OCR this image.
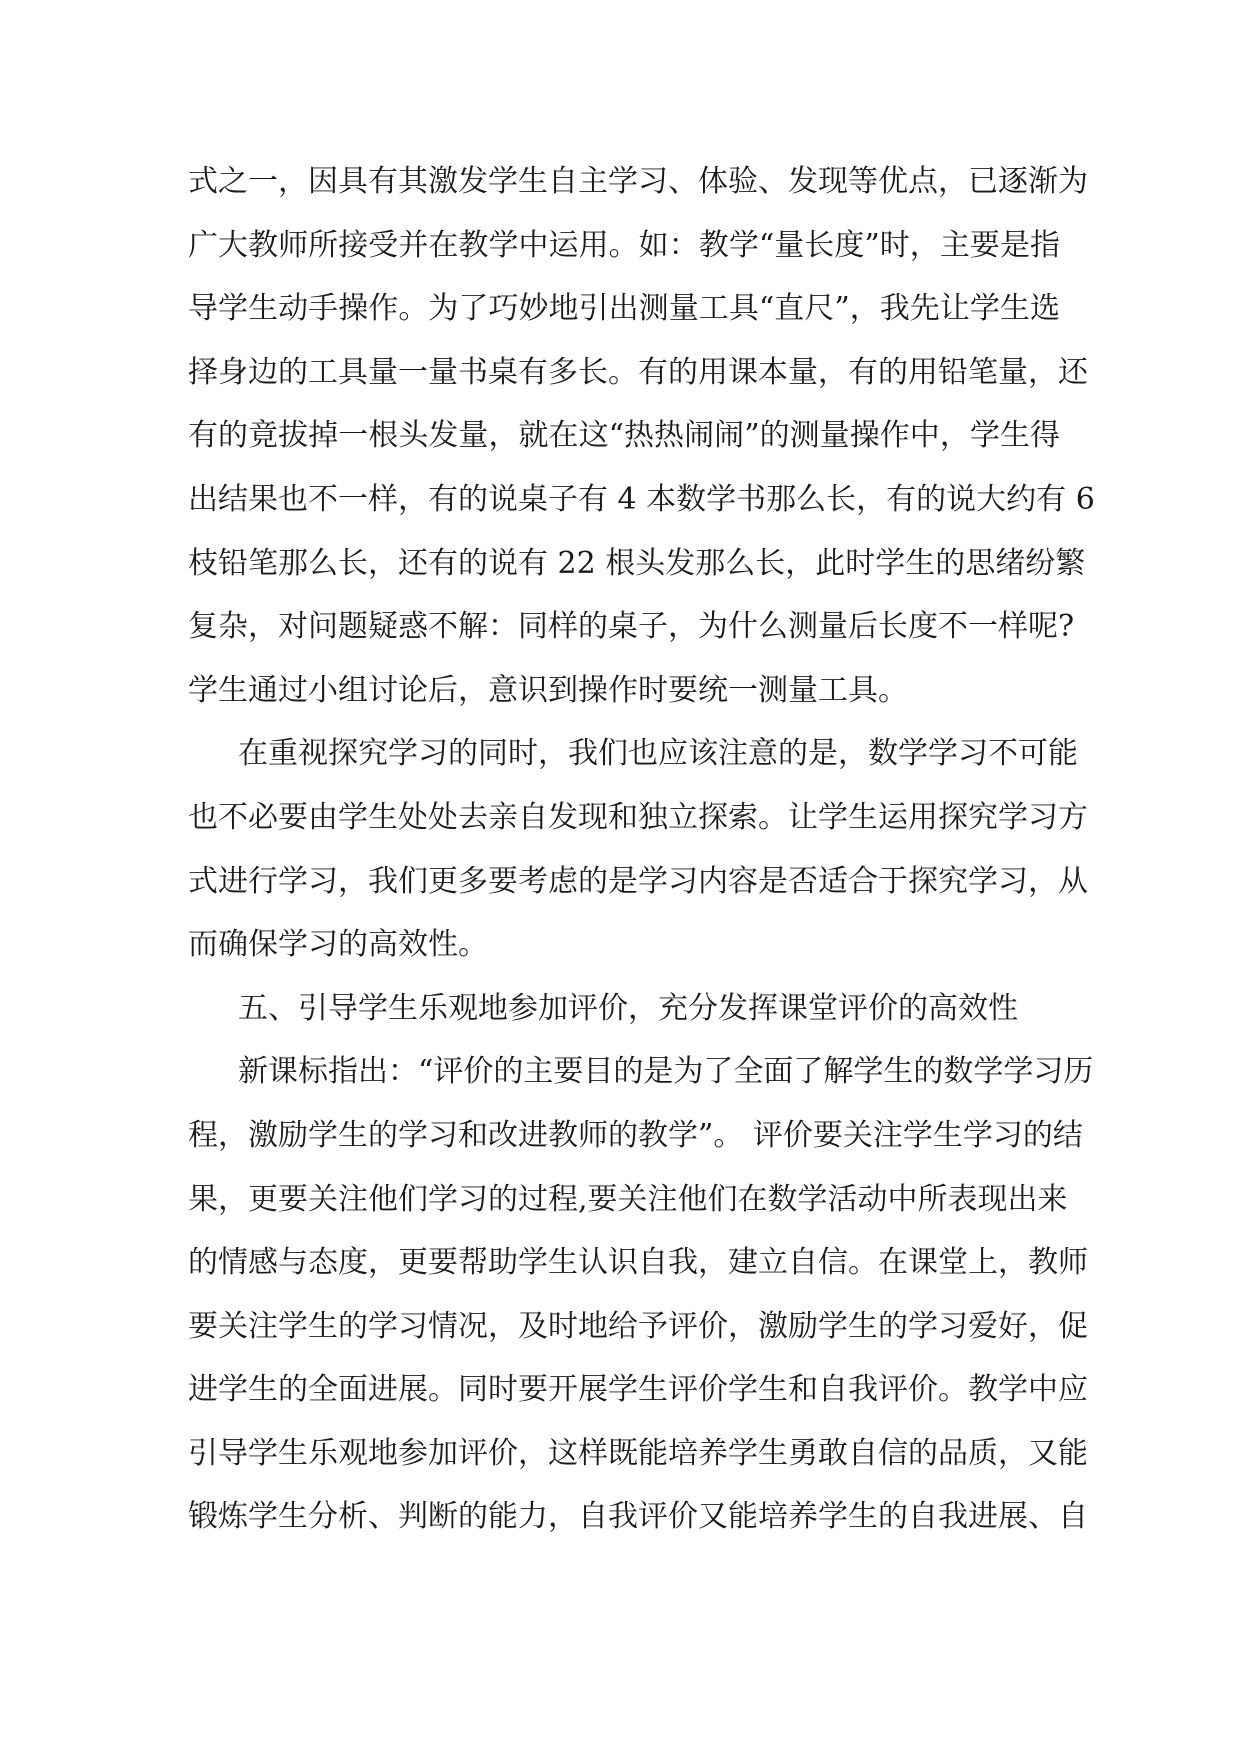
式之一，因具有其激发学生自主学习、体验、发现等优点，已逐渐为
广大教师所接受并在教学中运用。如：教学“量长度”时，主要是指
导学生动手操作。为了巧妙地引出测量工具“直尺”，我先让学生选
择身边的工具量一量书桌有多长。有的用课本量，有的用铅笔量，还
有的竟拔掉一根头发量，就在这“热热闹闹”的测量操作中，学生得
出结果也不一样，有的说桌子有 4 本数学书那么长，有的说大约有 6
枝铅笔那么长，还有的说有 22 根头发那么长，此时学生的思绪纷繁
复杂，对问题疑惑不解：同样的桌子，为什么测量后长度不一样呢?
学生通过小组讨论后，意识到操作时要统一测量工具。
在重视探究学习的同时，我们也应该注意的是，数学学习不可能
也不必要由学生处处去亲自发现和独立探索。让学生运用探究学习方
式进行学习，我们更多要考虑的是学习内容是否适合于探究学习，从
而确保学习的高效性。
五、引导学生乐观地参加评价，充分发挥课堂评价的高效性
新课标指出：“评价的主要目的是为了全面了解学生的数学学习历
程，激励学生的学习和改进教师的教学”。 评价要关注学生学习的结
果，更要关注他们学习的过程,要关注他们在数学活动中所表现出来
的情感与态度，更要帮助学生认识自我，建立自信。在课堂上，教师
要关注学生的学习情况，及时地给予评价，激励学生的学习爱好，促
进学生的全面进展。同时要开展学生评价学生和自我评价。教学中应
引导学生乐观地参加评价，这样既能培养学生勇敢自信的品质，又能
锻炼学生分析、判断的能力，自我评价又能培养学生的自我进展、自
